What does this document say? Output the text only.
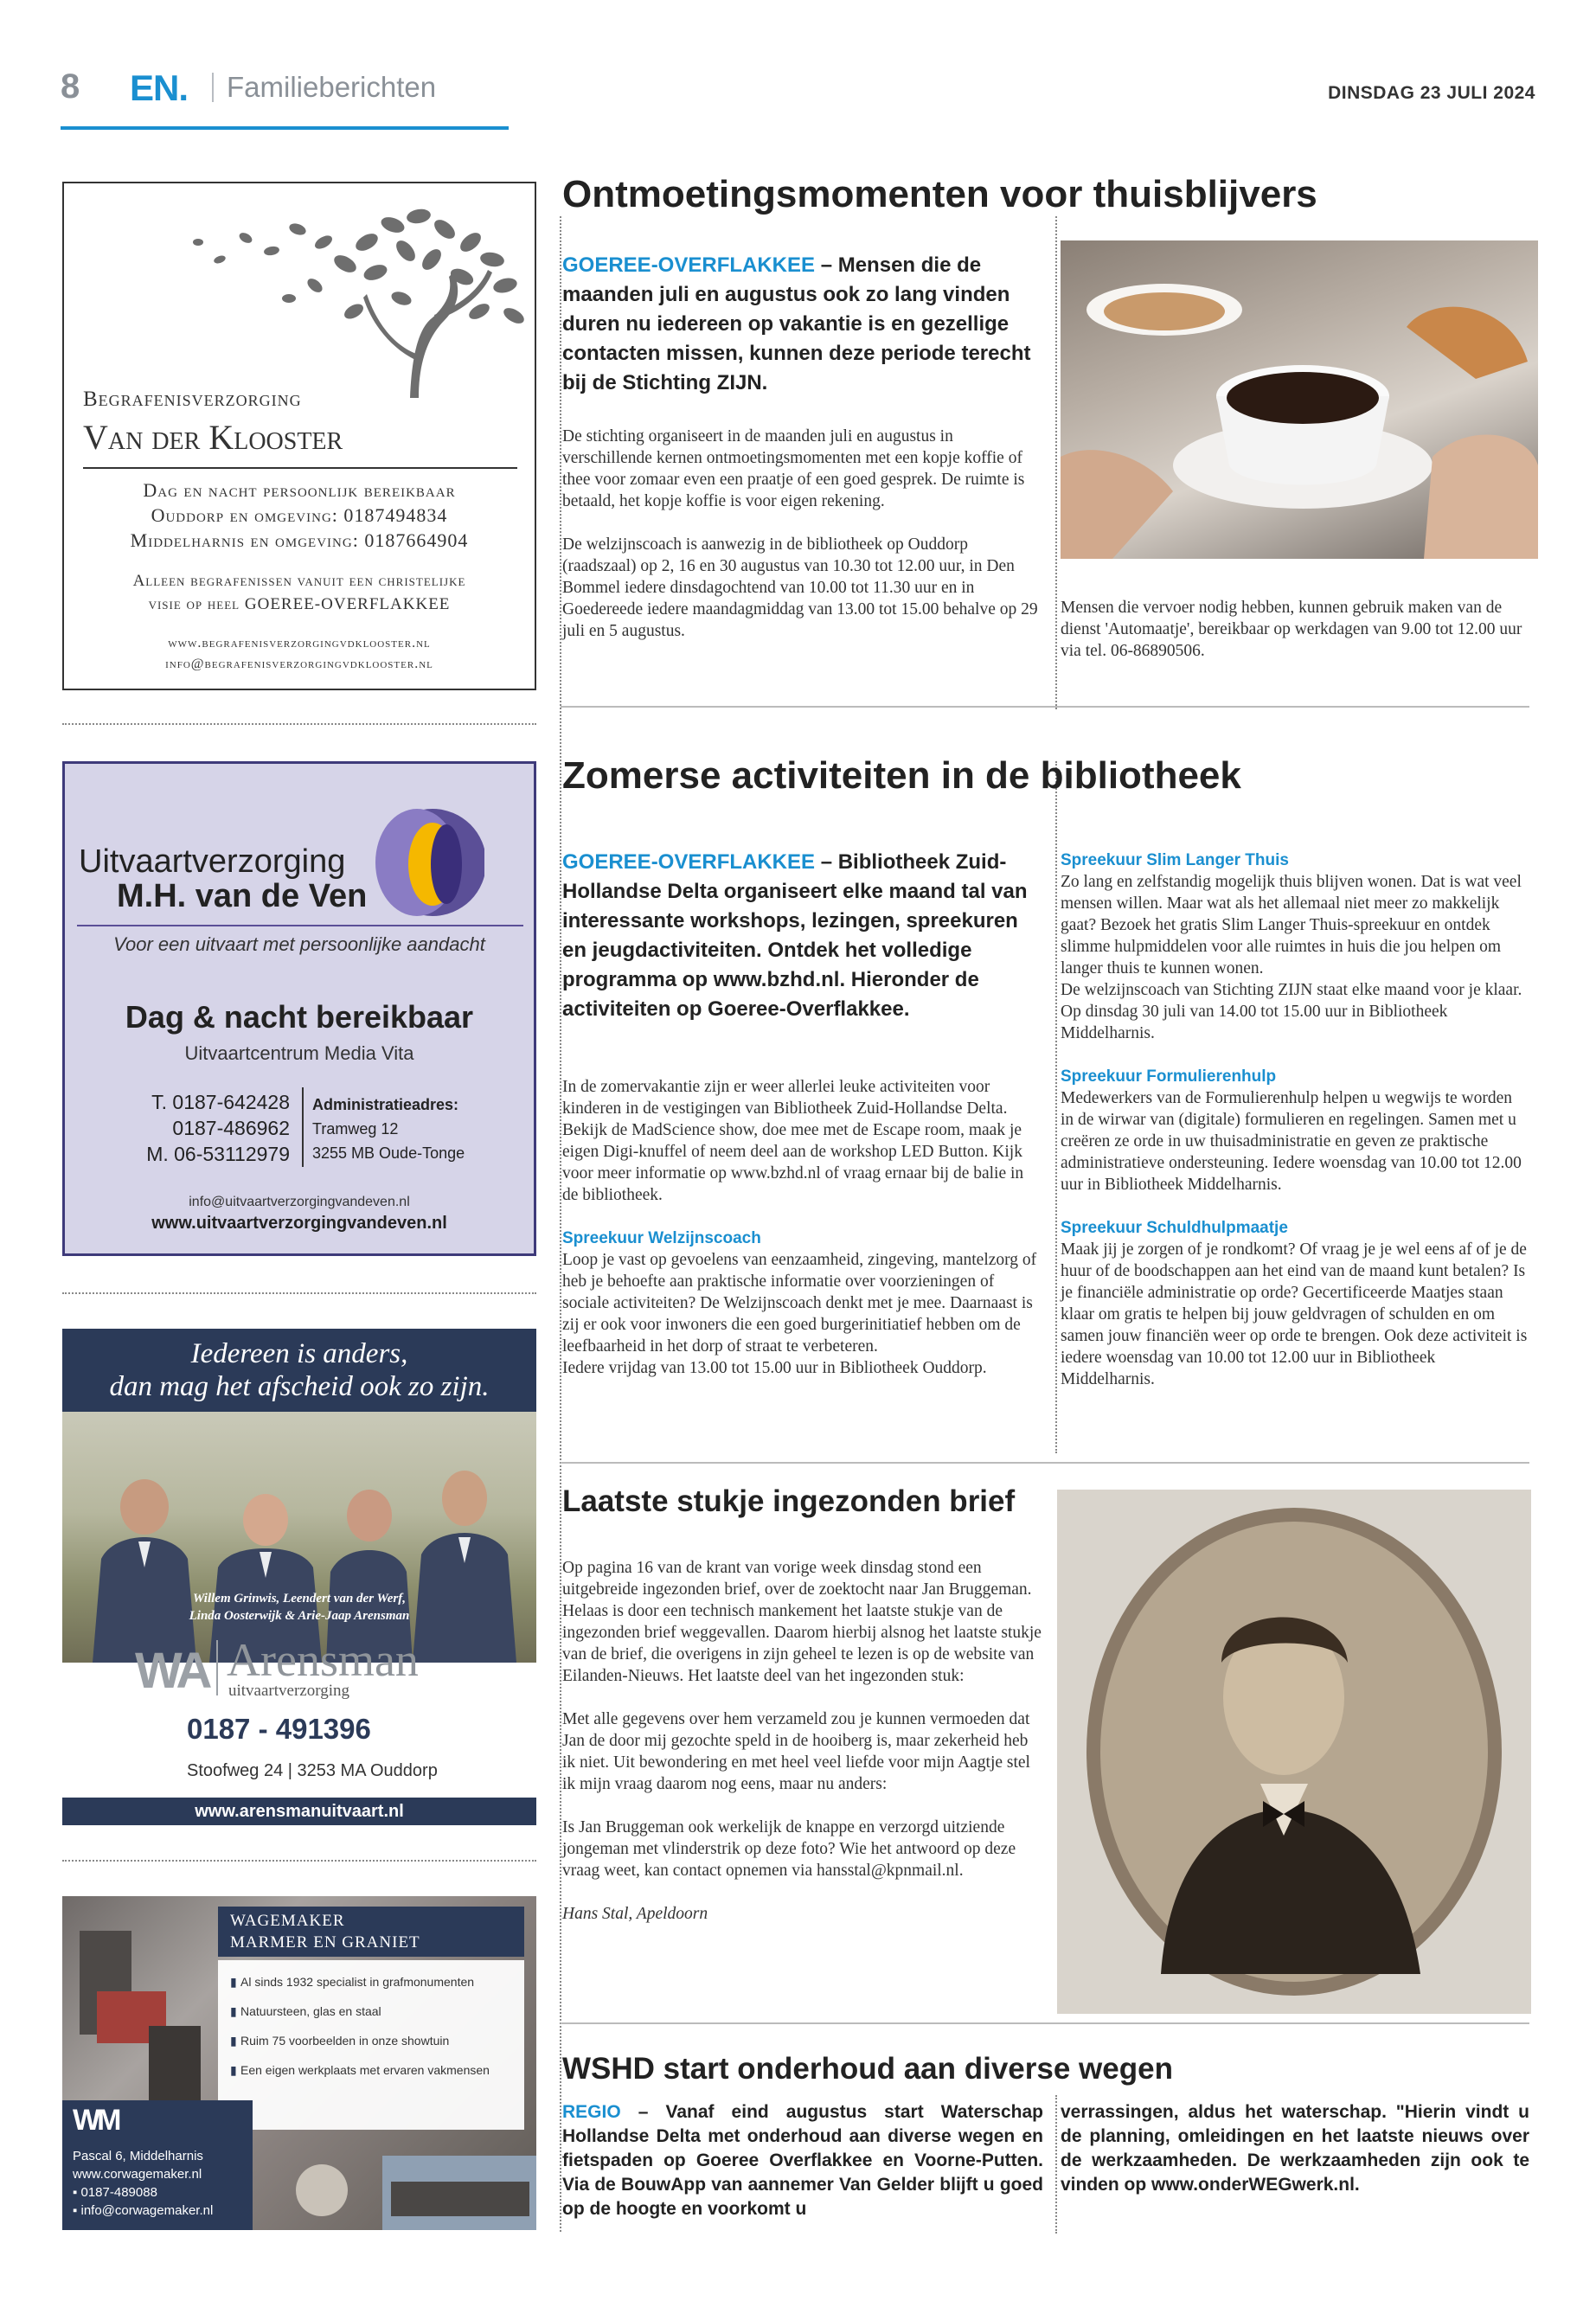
8 EN. Familieberichten	DINSDAG 23 JULI 2024
Begrafenisverzorging
Van der Klooster
Dag en nacht persoonlijk bereikbaar
Ouddorp en omgeving: 0187494834
Middelharnis en omgeving: 0187664904
Alleen begrafenissen vanuit een christelijke
visie op heel GOEREE-OVERFLAKKEE
www.begrafenisverzorgingvdklooster.nl
info@begrafenisverzorgingvdklooster.nl
Uitvaartverzorging
M.H. van de Ven
Voor een uitvaart met persoonlijke aandacht
Dag & nacht bereikbaar
Uitvaartcentrum Media Vita
T. 0187-642428
0187-486962
M. 06-53112979
Administratieadres:
Tramweg 12
3255 MB Oude-Tonge
info@uitvaartverzorgingvandeven.nl
www.uitvaartverzorgingvandeven.nl
Iedereen is anders,
dan mag het afscheid ook zo zijn.
Willem Grinwis, Leendert van der Werf,
Linda Oosterwijk & Arie-Jaap Arensman
WA Arensman
uitvaartverzorging
0187 - 491396
Stoofweg 24 | 3253 MA Ouddorp
www.arensmanuitvaart.nl
WAGEMAKER
MARMER EN GRANIET
▮ Al sinds 1932 specialist in grafmonumenten
▮ Natuursteen, glas en staal
▮ Ruim 75 voorbeelden in onze showtuin
▮ Een eigen werkplaats met ervaren vakmensen
WM
Pascal 6, Middelharnis
www.corwagemaker.nl
▪ 0187-489088
▪ info@corwagemaker.nl
Ontmoetingsmomenten voor thuisblijvers
GOEREE-OVERFLAKKEE – Mensen die de maanden juli en augustus ook zo lang vinden duren nu iedereen op vakantie is en gezellige contacten missen, kunnen deze periode terecht bij de Stichting ZIJN.

De stichting organiseert in de maanden juli en augustus in verschillende kernen ontmoetingsmomenten met een kopje koffie of thee voor zomaar even een praatje of een goed gesprek. De ruimte is betaald, het kopje koffie is voor eigen rekening.

De welzijnscoach is aanwezig in de bibliotheek op Ouddorp (raadszaal) op 2, 16 en 30 augustus van 10.30 tot 12.00 uur, in Den Bommel iedere dinsdagochtend van 10.00 tot 11.30 uur en in Goedereede iedere maandagmiddag van 13.00 tot 15.00 behalve op 29 juli en 5 augustus.

Mensen die vervoer nodig hebben, kunnen gebruik maken van de dienst 'Automaatje', bereikbaar op werkdagen van 9.00 tot 12.00 uur via tel. 06-86890506.
Zomerse activiteiten in de bibliotheek
GOEREE-OVERFLAKKEE – Bibliotheek Zuid-Hollandse Delta organiseert elke maand tal van interessante workshops, lezingen, spreekuren en jeugdactiviteiten. Ontdek het volledige programma op www.bzhd.nl. Hieronder de activiteiten op Goeree-Overflakkee.

In de zomervakantie zijn er weer allerlei leuke activiteiten voor kinderen in de vestigingen van Bibliotheek Zuid-Hollandse Delta. Bekijk de MadScience show, doe mee met de Escape room, maak je eigen Digi-knuffel of neem deel aan de workshop LED Button. Kijk voor meer informatie op www.bzhd.nl of vraag ernaar bij de balie in de bibliotheek.

Spreekuur Welzijnscoach
Loop je vast op gevoelens van eenzaamheid, zingeving, mantelzorg of heb je behoefte aan praktische informatie over voorzieningen of sociale activiteiten? De Welzijnscoach denkt met je mee. Daarnaast is zij er ook voor inwoners die een goed burgerinitiatief hebben om de leefbaarheid in het dorp of straat te verbeteren.
Iedere vrijdag van 13.00 tot 15.00 uur in Bibliotheek Ouddorp.
Spreekuur Slim Langer Thuis
Zo lang en zelfstandig mogelijk thuis blijven wonen. Dat is wat veel mensen willen. Maar wat als het allemaal niet meer zo makkelijk gaat? Bezoek het gratis Slim Langer Thuis-spreekuur en ontdek slimme hulpmiddelen voor alle ruimtes in huis die jou helpen om langer thuis te kunnen wonen.
De welzijnscoach van Stichting ZIJN staat elke maand voor je klaar. Op dinsdag 30 juli van 14.00 tot 15.00 uur in Bibliotheek Middelharnis.
Spreekuur Formulierenhulp
Medewerkers van de Formulierenhulp helpen u wegwijs te worden in de wirwar van (digitale) formulieren en regelingen. Samen met u creëren ze orde in uw thuisadministratie en geven ze praktische administratieve ondersteuning. Iedere woensdag van 10.00 tot 12.00 uur in Bibliotheek Middelharnis.
Spreekuur Schuldhulpmaatje
Maak jij je zorgen of je rondkomt? Of vraag je je wel eens af of je de huur of de boodschappen aan het eind van de maand kunt betalen? Is je financiële administratie op orde? Gecertificeerde Maatjes staan klaar om gratis te helpen bij jouw geldvragen of schulden en om samen jouw financiën weer op orde te brengen. Ook deze activiteit is iedere woensdag van 10.00 tot 12.00 uur in Bibliotheek Middelharnis.
Laatste stukje ingezonden brief

Op pagina 16 van de krant van vorige week dinsdag stond een uitgebreide ingezonden brief, over de zoektocht naar Jan Bruggeman. Helaas is door een technisch mankement het laatste stukje van de ingezonden brief weggevallen. Daarom hierbij alsnog het laatste stukje van de brief, die overigens in zijn geheel te lezen is op de website van Eilanden-Nieuws. Het laatste deel van het ingezonden stuk:

Met alle gegevens over hem verzameld zou je kunnen vermoeden dat Jan de door mij gezochte speld in de hooiberg is, maar zekerheid heb ik niet. Uit bewondering en met heel veel liefde voor mijn Aagtje stel ik mijn vraag daarom nog eens, maar nu anders:

Is Jan Bruggeman ook werkelijk de knappe en verzorgd uitziende jongeman met vlinderstrik op deze foto? Wie het antwoord op deze vraag weet, kan contact opnemen via hansstal@kpnmail.nl.

Hans Stal, Apeldoorn

WSHD start onderhoud aan diverse wegen
REGIO – Vanaf eind augustus start Waterschap Hollandse Delta met onderhoud aan diverse wegen en fietspaden op Goeree Overflakkee en Voorne-Putten. Via de BouwApp van aannemer Van Gelder blijft u goed op de hoogte en voorkomt u
verrassingen, aldus het waterschap. "Hierin vindt u de planning, omleidingen en het laatste nieuws over de werkzaamheden. De werkzaamheden zijn ook te vinden op www.onderWEGwerk.nl.
